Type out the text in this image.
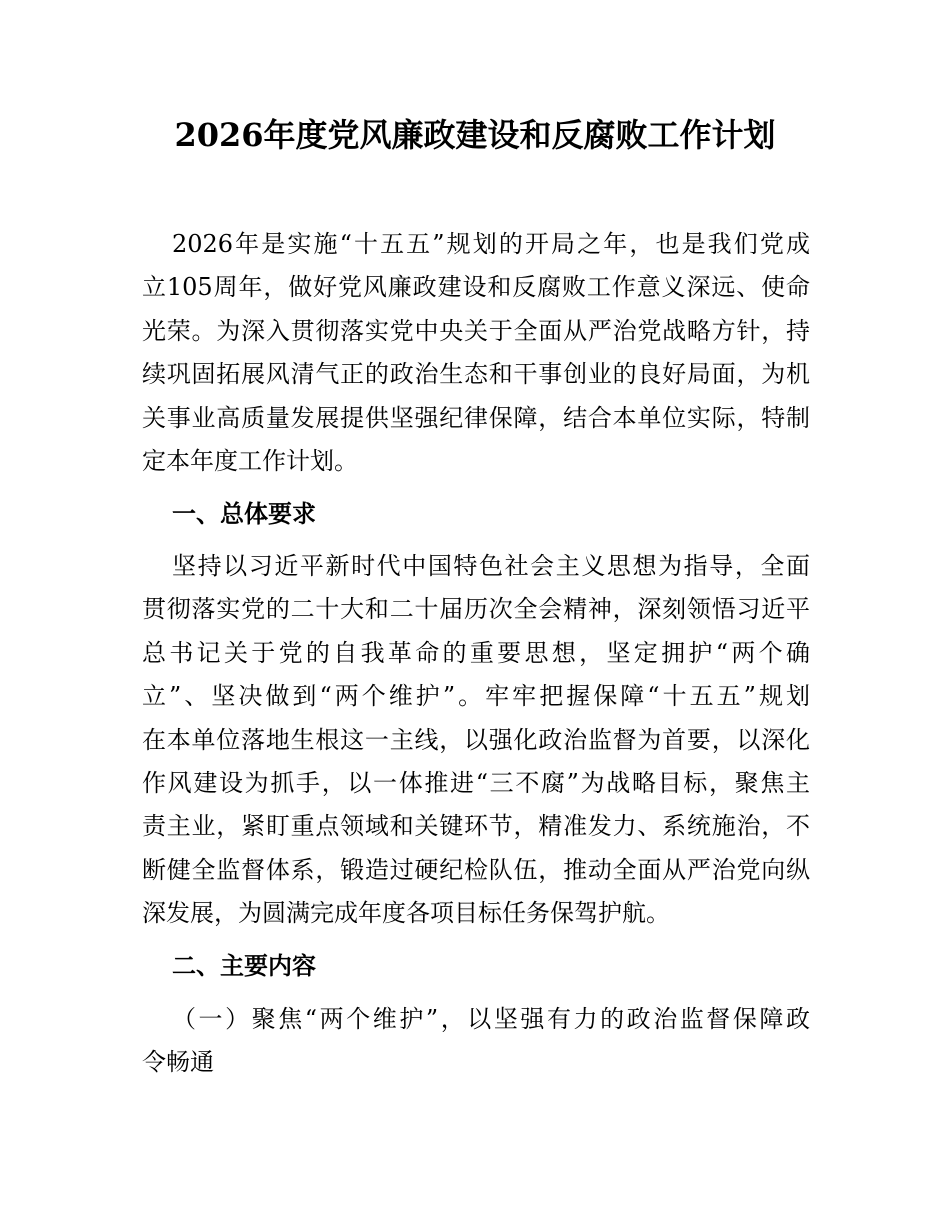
2026年度党风廉政建设和反腐败工作计划
2026年是实施“十五五”规划的开局之年，也是我们党成
立105周年，做好党风廉政建设和反腐败工作意义深远、使命
光荣。为深入贯彻落实党中央关于全面从严治党战略方针，持
续巩固拓展风清气正的政治生态和干事创业的良好局面，为机
关事业高质量发展提供坚强纪律保障，结合本单位实际，特制
定本年度工作计划。
一、总体要求
坚持以习近平新时代中国特色社会主义思想为指导，全面
贯彻落实党的二十大和二十届历次全会精神，深刻领悟习近平
总书记关于党的自我革命的重要思想，坚定拥护“两个确
立”、坚决做到“两个维护”。牢牢把握保障“十五五”规划
在本单位落地生根这一主线，以强化政治监督为首要，以深化
作风建设为抓手，以一体推进“三不腐”为战略目标，聚焦主
责主业，紧盯重点领域和关键环节，精准发力、系统施治，不
断健全监督体系，锻造过硬纪检队伍，推动全面从严治党向纵
深发展，为圆满完成年度各项目标任务保驾护航。
二、主要内容
（一）聚焦“两个维护”，以坚强有力的政治监督保障政
令畅通
